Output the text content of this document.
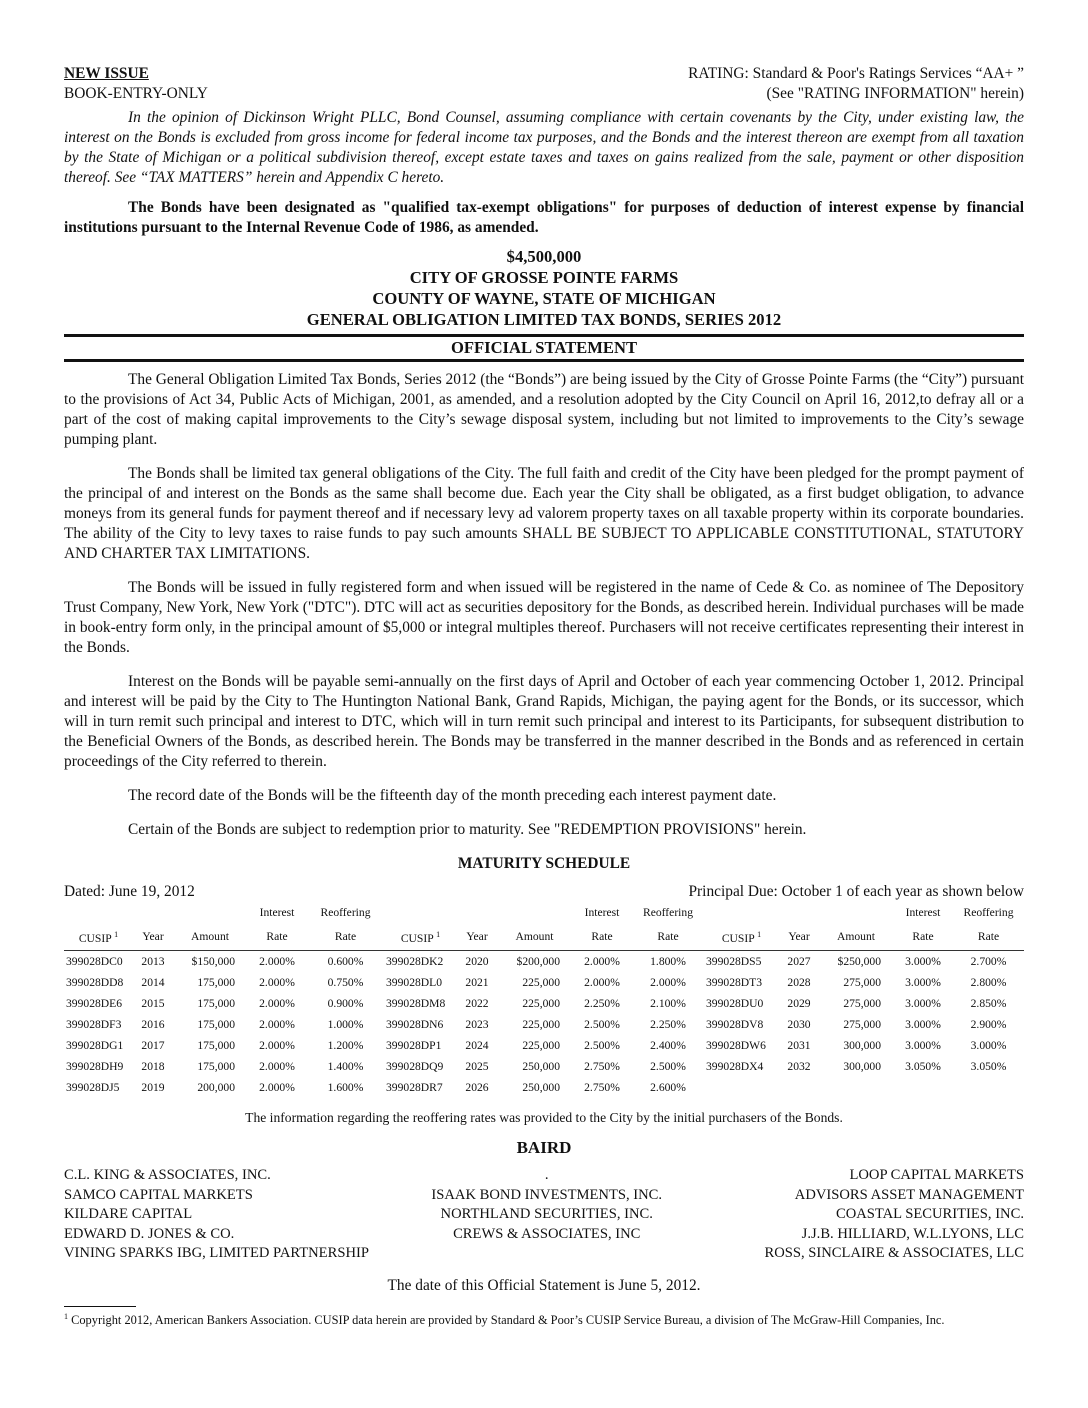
NEW ISSUE	RATING: Standard & Poor's Ratings Services “AA+ ”
BOOK-ENTRY-ONLY	(See "RATING INFORMATION" herein)

In the opinion of Dickinson Wright PLLC, Bond Counsel, assuming compliance with certain covenants by the City, under existing law, the interest on the Bonds is excluded from gross income for federal income tax purposes, and the Bonds and the interest thereon are exempt from all taxation by the State of Michigan or a political subdivision thereof, except estate taxes and taxes on gains realized from the sale, payment or other disposition thereof. See “TAX MATTERS” herein and Appendix C hereto.

The Bonds have been designated as "qualified tax-exempt obligations" for purposes of deduction of interest expense by financial institutions pursuant to the Internal Revenue Code of 1986, as amended.

$4,500,000
CITY OF GROSSE POINTE FARMS
COUNTY OF WAYNE, STATE OF MICHIGAN
GENERAL OBLIGATION LIMITED TAX BONDS, SERIES 2012
OFFICIAL STATEMENT

The General Obligation Limited Tax Bonds, Series 2012 (the “Bonds”) are being issued by the City of Grosse Pointe Farms (the “City”) pursuant to the provisions of Act 34, Public Acts of Michigan, 2001, as amended, and a resolution adopted by the City Council on April 16, 2012,to defray all or a part of the cost of making capital improvements to the City’s sewage disposal system, including but not limited to improvements to the City’s sewage pumping plant.

The Bonds shall be limited tax general obligations of the City. The full faith and credit of the City have been pledged for the prompt payment of the principal of and interest on the Bonds as the same shall become due. Each year the City shall be obligated, as a first budget obligation, to advance moneys from its general funds for payment thereof and if necessary levy ad valorem property taxes on all taxable property within its corporate boundaries. The ability of the City to levy taxes to raise funds to pay such amounts SHALL BE SUBJECT TO APPLICABLE CONSTITUTIONAL, STATUTORY AND CHARTER TAX LIMITATIONS.

The Bonds will be issued in fully registered form and when issued will be registered in the name of Cede & Co. as nominee of The Depository Trust Company, New York, New York ("DTC"). DTC will act as securities depository for the Bonds, as described herein. Individual purchases will be made in book-entry form only, in the principal amount of $5,000 or integral multiples thereof. Purchasers will not receive certificates representing their interest in the Bonds.

Interest on the Bonds will be payable semi-annually on the first days of April and October of each year commencing October 1, 2012. Principal and interest will be paid by the City to The Huntington National Bank, Grand Rapids, Michigan, the paying agent for the Bonds, or its successor, which will in turn remit such principal and interest to DTC, which will in turn remit such principal and interest to its Participants, for subsequent distribution to the Beneficial Owners of the Bonds, as described herein. The Bonds may be transferred in the manner described in the Bonds and as referenced in certain proceedings of the City referred to therein.

The record date of the Bonds will be the fifteenth day of the month preceding each interest payment date.

Certain of the Bonds are subject to redemption prior to maturity. See "REDEMPTION PROVISIONS" herein.

MATURITY SCHEDULE
Dated: June 19, 2012	Principal Due: October 1 of each year as shown below
			Interest	Reoffering				Interest	Reoffering				Interest	Reoffering
CUSIP $^1$	Year	Amount	Rate	Rate	CUSIP $^1$	Year	Amount	Rate	Rate	CUSIP $^1$	Year	Amount	Rate	Rate
399028DC0	2013	$150,000	2.000%	0.600%	399028DK2	2020	$200,000	2.000%	1.800%	399028DS5	2027	$250,000	3.000%	2.700%
399028DD8	2014	175,000	2.000%	0.750%	399028DL0	2021	225,000	2.000%	2.000%	399028DT3	2028	275,000	3.000%	2.800%
399028DE6	2015	175,000	2.000%	0.900%	399028DM8	2022	225,000	2.250%	2.100%	399028DU0	2029	275,000	3.000%	2.850%
399028DF3	2016	175,000	2.000%	1.000%	399028DN6	2023	225,000	2.500%	2.250%	399028DV8	2030	275,000	3.000%	2.900%
399028DG1	2017	175,000	2.000%	1.200%	399028DP1	2024	225,000	2.500%	2.400%	399028DW6	2031	300,000	3.000%	3.000%
399028DH9	2018	175,000	2.000%	1.400%	399028DQ9	2025	250,000	2.750%	2.500%	399028DX4	2032	300,000	3.050%	3.050%
399028DJ5	2019	200,000	2.000%	1.600%	399028DR7	2026	250,000	2.750%	2.600%					
The information regarding the reoffering rates was provided to the City by the initial purchasers of the Bonds.
BAIRD
C.L. KING & ASSOCIATES, INC.
SAMCO CAPITAL MARKETS
KILDARE CAPITAL
EDWARD D. JONES & CO.
VINING SPARKS IBG, LIMITED PARTNERSHIP
.
ISAAK BOND INVESTMENTS, INC.
NORTHLAND SECURITIES, INC.
CREWS & ASSOCIATES, INC
LOOP CAPITAL MARKETS
ADVISORS ASSET MANAGEMENT
COASTAL SECURITIES, INC.
J.J.B. HILLIARD, W.L.LYONS, LLC
ROSS, SINCLAIRE & ASSOCIATES, LLC
The date of this Official Statement is June 5, 2012.
$^1$ Copyright 2012, American Bankers Association. CUSIP data herein are provided by Standard & Poor’s CUSIP Service Bureau, a division of The McGraw-Hill Companies, Inc.
